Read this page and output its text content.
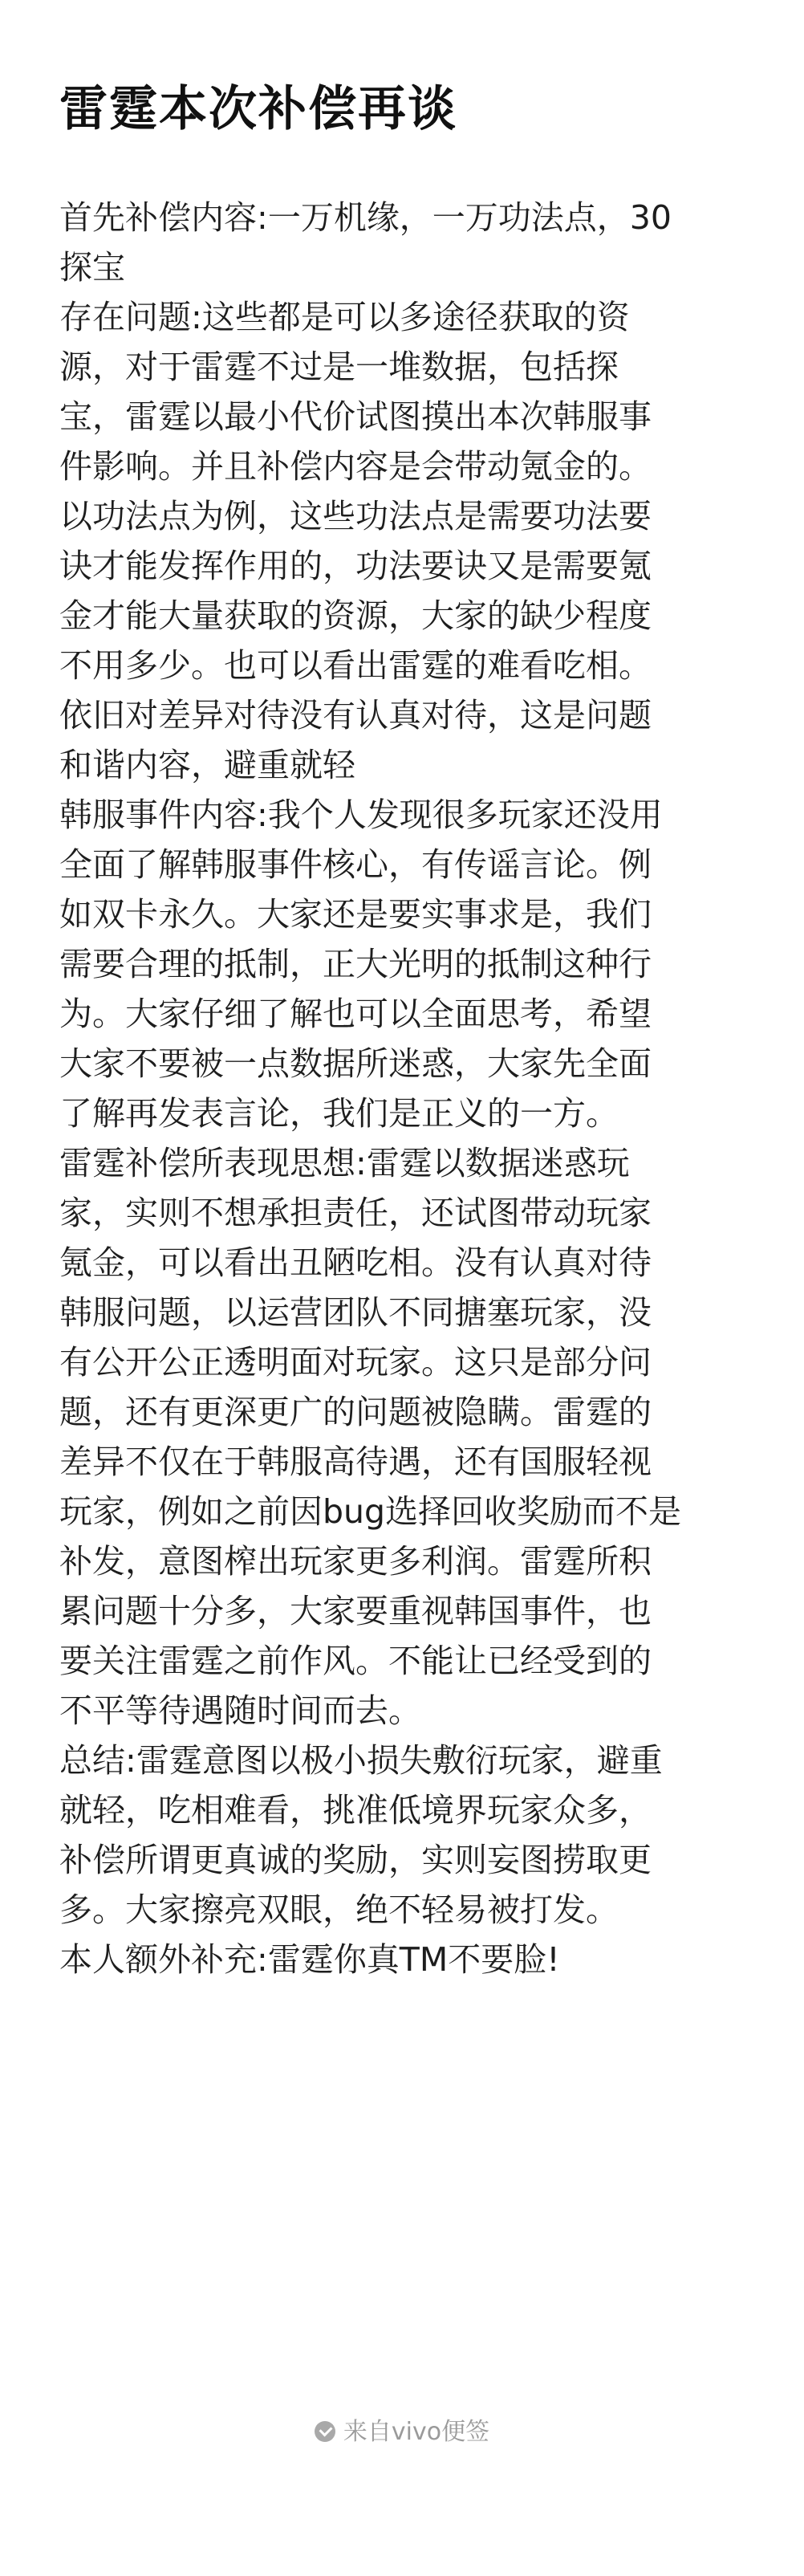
雷霆本次补偿再谈

首先补偿内容:一万机缘，一万功法点，30
探宝

存在问题:这些都是可以多途径获取的资
源，对于雷霆不过是一堆数据，包括探
宝，雷霆以最小代价试图摸出本次韩服事
件影响。并且补偿内容是会带动氪金的。
以功法点为例，这些功法点是需要功法要
诀才能发挥作用的，功法要诀又是需要氪
金才能大量获取的资源，大家的缺少程度
不用多少。也可以看出雷霆的难看吃相。
依旧对差异对待没有认真对待，这是问题
和谐内容，避重就轻

韩服事件内容:我个人发现很多玩家还没用
全面了解韩服事件核心，有传谣言论。例
如双卡永久。大家还是要实事求是，我们
需要合理的抵制，正大光明的抵制这种行
为。大家仔细了解也可以全面思考，希望
大家不要被一点数据所迷惑，大家先全面
了解再发表言论，我们是正义的一方。

雷霆补偿所表现思想:雷霆以数据迷惑玩
家，实则不想承担责任，还试图带动玩家
氪金，可以看出丑陋吃相。没有认真对待
韩服问题，以运营团队不同搪塞玩家，没
有公开公正透明面对玩家。这只是部分问
题，还有更深更广的问题被隐瞒。雷霆的
差异不仅在于韩服高待遇，还有国服轻视
玩家，例如之前因bug选择回收奖励而不是
补发，意图榨出玩家更多利润。雷霆所积
累问题十分多，大家要重视韩国事件，也
要关注雷霆之前作风。不能让已经受到的
不平等待遇随时间而去。

总结:雷霆意图以极小损失敷衍玩家，避重
就轻，吃相难看，挑准低境界玩家众多，
补偿所谓更真诚的奖励，实则妄图捞取更
多。大家擦亮双眼，绝不轻易被打发。

本人额外补充:雷霆你真TM不要脸!

来自vivo便签
